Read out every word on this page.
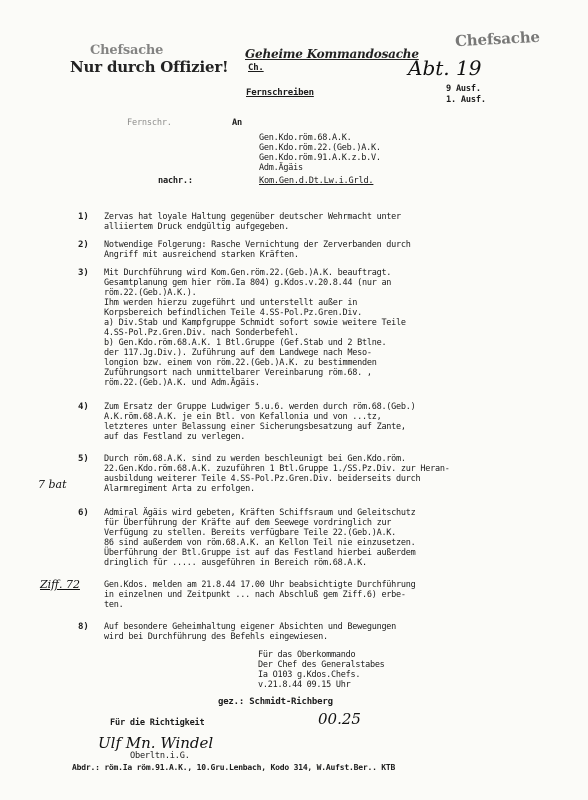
Chefsache
Nur durch Offizier!
Geheime Kommandosache
Ch.
Fernschreiben
Chefsache
Abt. 19
9 Ausf.
1. Ausf.
Fernschr.	An
Gen.Kdo.röm.68.A.K.
Gen.Kdo.röm.22.(Geb.)A.K.
Gen.Kdo.röm.91.A.K.z.b.V.
Adm.Ägäis
nachr.:	Kom.Gen.d.Dt.Lw.i.Grld.
1) Zervas hat loyale Haltung gegenüber deutscher Wehrmacht unter
alliiertem Druck endgültig aufgegeben.
2) Notwendige Folgerung: Rasche Vernichtung der Zerverbanden durch
Angriff mit ausreichend starken Kräften.
3) Mit Durchführung wird Kom.Gen.röm.22.(Geb.)A.K. beauftragt.
Gesamtplanung gem hier röm.Ia 804) g.Kdos.v.20.8.44 (nur an
röm.22.(Geb.)A.K.).
Ihm werden hierzu zugeführt und unterstellt außer in
Korpsbereich befindlichen Teile 4.SS-Pol.Pz.Gren.Div.
a) Div.Stab und Kampfgruppe Schmidt sofort sowie weitere Teile
4.SS-Pol.Pz.Gren.Div. nach Sonderbefehl.
b) Gen.Kdo.röm.68.A.K. 1 Btl.Gruppe (Gef.Stab und 2 Btlne.
der 117.Jg.Div.). Zuführung auf dem Landwege nach Meso-
longion bzw. einem von röm.22.(Geb.)A.K. zu bestimmenden
Zuführungsort nach unmittelbarer Vereinbarung röm.68. ,
röm.22.(Geb.)A.K. und Adm.Ägäis.
4) Zum Ersatz der Gruppe Ludwiger 5.u.6. werden durch röm.68.(Geb.)
A.K.röm.68.A.K. je ein Btl. von Kefallonia und von ...tz,
letzteres unter Belassung einer Sicherungsbesatzung auf Zante,
auf das Festland zu verlegen.
5) Durch röm.68.A.K. sind zu werden beschleunigt bei Gen.Kdo.röm.
22.Gen.Kdo.röm.68.A.K. zuzuführen 1 Btl.Gruppe 1./SS.Pz.Div. zur Heran-
ausbildung weiterer Teile 4.SS-Pol.Pz.Gren.Div. beiderseits durch
Alarmregiment Arta zu erfolgen.
7 bat
6) Admiral Ägäis wird gebeten, Kräften Schiffsraum und Geleitschutz
für Überführung der Kräfte auf dem Seewege vordringlich zur
Verfügung zu stellen. Bereits verfügbare Teile 22.(Geb.)A.K.
86 sind außerdem von röm.68.A.K. an Kellon Teil nie einzusetzen.
Überführung der Btl.Gruppe ist auf das Festland hierbei außerdem
dringlich für ..... ausgeführen in Bereich röm.68.A.K.
Ziff. 72	Gen.Kdos. melden am 21.8.44 17.00 Uhr beabsichtigte Durchführung
in einzelnen und Zeitpunkt ... nach Abschluß gem Ziff.6) erbe-
ten.
8) Auf besondere Geheimhaltung eigener Absichten und Bewegungen
wird bei Durchführung des Befehls eingewiesen.
Für das Oberkommando
Der Chef des Generalstabes
Ia O103 g.Kdos.Chefs.
v.21.8.44 09.15 Uhr
gez.: Schmidt-Richberg
00.25
Für die Richtigkeit
Ulf Mn. Windel
Oberltn.i.G.
Abdr.: röm.Ia röm.91.A.K., 10.Gru.Lenbach, Kodo 314, W.Aufst.Ber.. KTB
